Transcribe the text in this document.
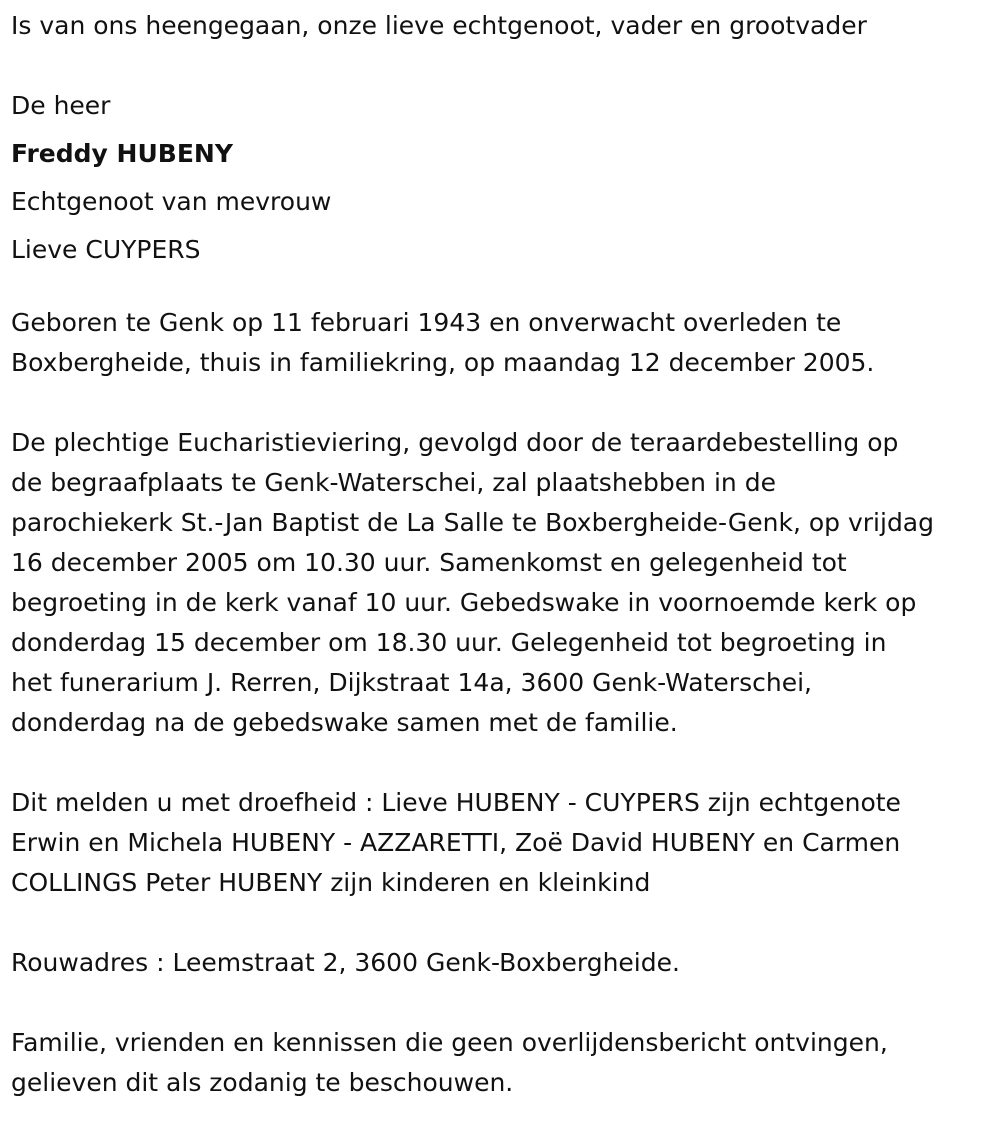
Is van ons heengegaan, onze lieve echtgenoot, vader en grootvader

De heer

Freddy HUBENY

Echtgenoot van mevrouw

Lieve CUYPERS

Geboren te Genk op 11 februari 1943 en onverwacht overleden te
Boxbergheide, thuis in familiekring, op maandag 12 december 2005.
De plechtige Eucharistieviering, gevolgd door de teraardebestelling op
de begraafplaats te Genk-Waterschei, zal plaatshebben in de
parochiekerk St.-Jan Baptist de La Salle te Boxbergheide-Genk, op vrijdag
16 december 2005 om 10.30 uur. Samenkomst en gelegenheid tot
begroeting in de kerk vanaf 10 uur. Gebedswake in voornoemde kerk op
donderdag 15 december om 18.30 uur. Gelegenheid tot begroeting in
het funerarium J. Rerren, Dijkstraat 14a, 3600 Genk-Waterschei,
donderdag na de gebedswake samen met de familie.
Dit melden u met droefheid : Lieve HUBENY - CUYPERS zijn echtgenote
Erwin en Michela HUBENY - AZZARETTI, Zoë David HUBENY en Carmen
COLLINGS Peter HUBENY zijn kinderen en kleinkind
Rouwadres : Leemstraat 2, 3600 Genk-Boxbergheide.
Familie, vrienden en kennissen die geen overlijdensbericht ontvingen,
gelieven dit als zodanig te beschouwen.
